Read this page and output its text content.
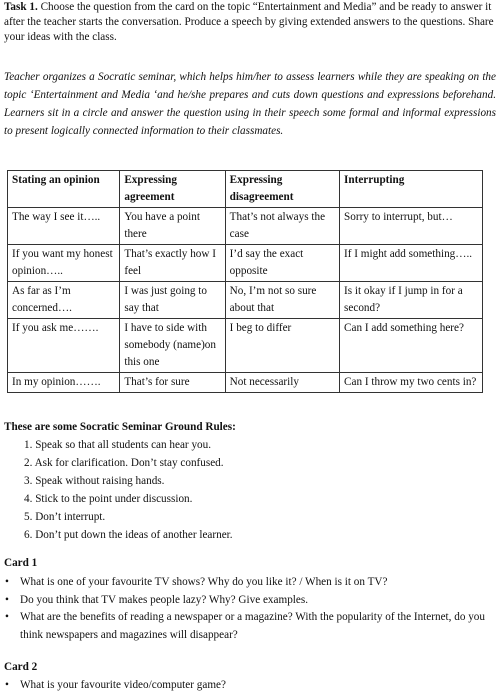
Task 1. Choose the question from the card on the topic “Entertainment and Media” and be ready to answer it after the teacher starts the conversation. Produce a speech by giving extended answers to the questions. Share your ideas with the class.
Teacher organizes a Socratic seminar, which helps him/her to assess learners while they are speaking on the topic ‘Entertainment and Media ‘and he/she prepares and cuts down questions and expressions beforehand. Learners sit in a circle and answer the question using in their speech some formal and informal expressions to present logically connected information to their classmates.
Stating an opinion	Expressing agreement	Expressing disagreement	Interrupting
The way I see it…..	You have a point there	That’s not always the case	Sorry to interrupt, but…
If you want my honest opinion…..	That’s exactly how I feel	I’d say the exact opposite	If I might add something…..
As far as I’m concerned….	I was just going to say that	No, I’m not so sure about that	Is it okay if I jump in for a second?
If you ask me…….	I have to side with somebody (name)on this one	I beg to differ	Can I add something here?
In my opinion…….	That’s for sure	Not necessarily	Can I throw my two cents in?
These are some Socratic Seminar Ground Rules:
1. Speak so that all students can hear you.
2. Ask for clarification. Don’t stay confused.
3. Speak without raising hands.
4. Stick to the point under discussion.
5. Don’t interrupt.
6. Don’t put down the ideas of another learner.
Card 1
• What is one of your favourite TV shows? Why do you like it? / When is it on TV?
• Do you think that TV makes people lazy? Why? Give examples.
• What are the benefits of reading a newspaper or a magazine? With the popularity of the Internet, do you think newspapers and magazines will disappear?
Card 2
• What is your favourite video/computer game?
